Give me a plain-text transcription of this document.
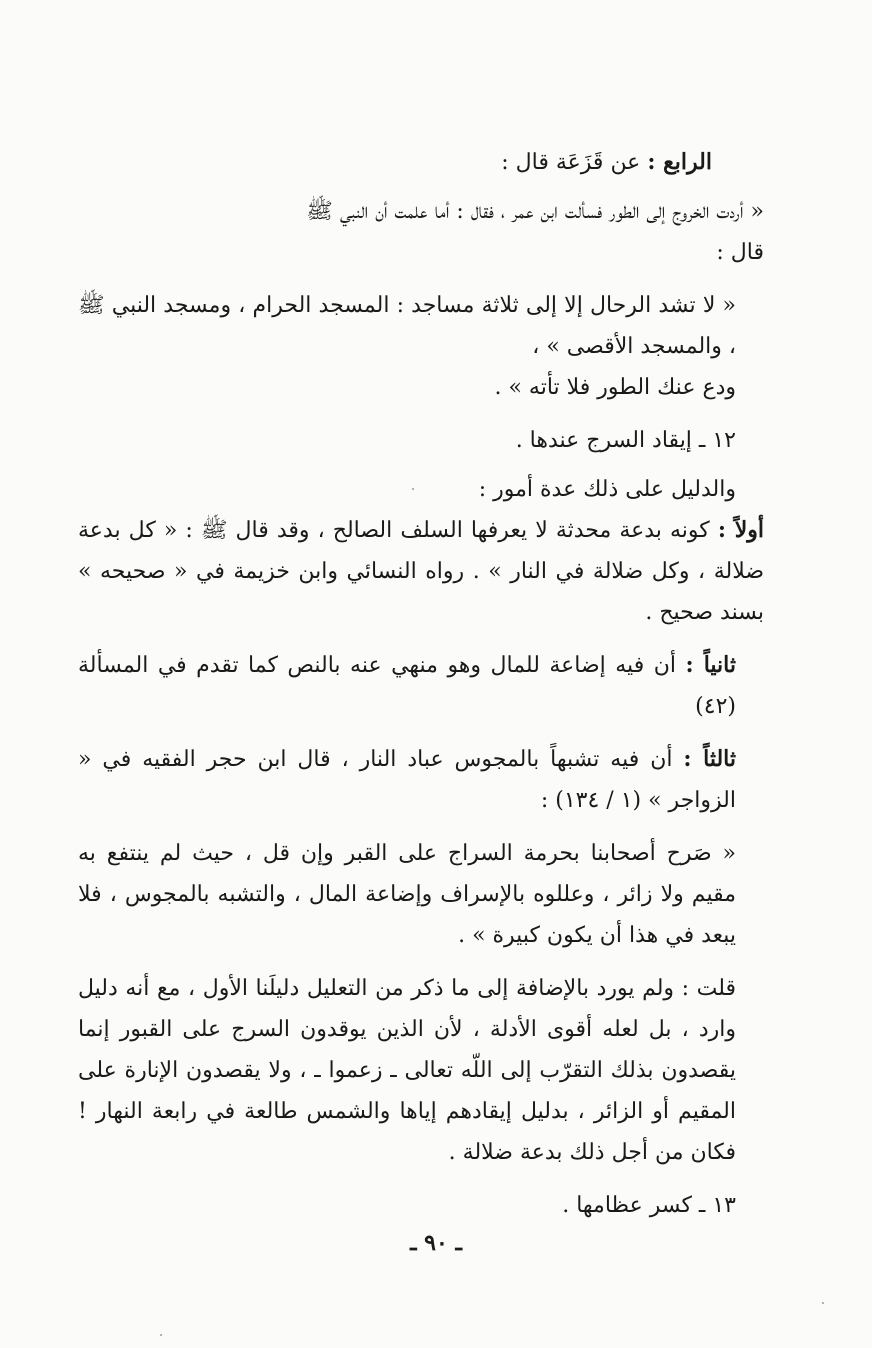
الرابع : عن قَزَعَة قال :

« أردت الخروج إلى الطور فسألت ابن عمر ، فقال : أما علمت أن النبي ﷺ

قال :

« لا تشد الرحال إلا إلى ثلاثة مساجد : المسجد الحرام ، ومسجد النبي ﷺ ، والمسجد الأقصى » ،

ودع عنك الطور فلا تأته » .

١٢ ـ إيقاد السرج عندها .

والدليل على ذلك عدة أمور :

أولاً : كونه بدعة محدثة لا يعرفها السلف الصالح ، وقد قال ﷺ : « كل بدعة ضلالة ، وكل ضلالة في النار » . رواه النسائي وابن خزيمة في « صحيحه » بسند صحيح .

ثانياً : أن فيه إضاعة للمال وهو منهي عنه بالنص كما تقدم في المسألة (٤٢)

ثالثاً : أن فيه تشبهاً بالمجوس عباد النار ، قال ابن حجر الفقيه في « الزواجر » (١ / ١٣٤) :

« صَرح أصحابنا بحرمة السراج على القبر وإن قل ، حيث لم ينتفع به مقيم ولا زائر ، وعللوه بالإسراف وإضاعة المال ، والتشبه بالمجوس ، فلا يبعد في هذا أن يكون كبيرة » .

قلت : ولم يورد بالإضافة إلى ما ذكر من التعليل دليلَنا الأول ، مع أنه دليل وارد ، بل لعله أقوى الأدلة ، لأن الذين يوقدون السرج على القبور إنما يقصدون بذلك التقرّب إلى اللّه تعالى ـ زعموا ـ ، ولا يقصدون الإنارة على المقيم أو الزائر ، بدليل إيقادهم إياها والشمس طالعة في رابعة النهار ! فكان من أجل ذلك بدعة ضلالة .

١٣ ـ كسر عظامها .

ـ ٩٠ ـ
